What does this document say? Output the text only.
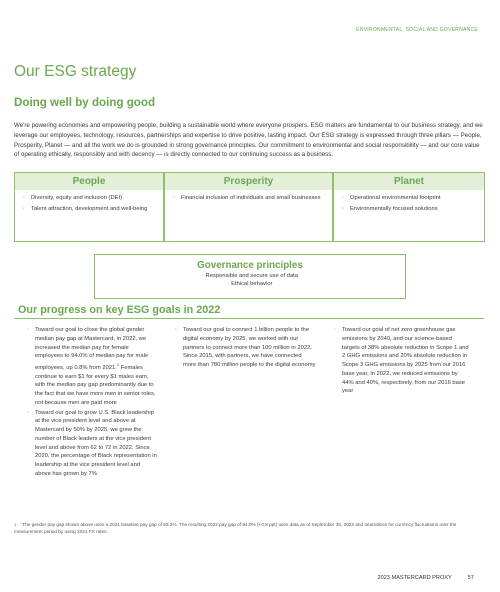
ENVIRONMENTAL, SOCIAL AND GOVERNANCE
Our ESG strategy
Doing well by doing good

We're powering economies and empowering people, building a sustainable world where everyone prospers. ESG matters are fundamental to our business strategy, and we leverage our employees, technology, resources, partnerships and expertise to drive positive, lasting impact. Our ESG strategy is expressed through three pillars — People, Prosperity, Planet — and all the work we do is grounded in strong governance principles. Our commitment to environmental and social responsibility — and our core value of operating ethically, responsibly and with decency — is directly connected to our continuing success as a business.

People
· Diversity, equity and inclusion (DEI)
· Talent attraction, development and well-being
Prosperity
· Financial inclusion of individuals and small businesses
Planet
· Operational environmental footprint
· Environmentally focused solutions
Governance principles
· Responsible and secure use of data
· Ethical behavior
Our progress on key ESG goals in 2022
· Toward our goal to close the global gender median pay gap at Mastercard, in 2022, we increased the median pay for female employees to 94.0% of median pay for male employees, up 0.8% from 2021.$^1$ Females continue to earn $1 for every $1 males earn, with the median pay gap predominantly due to the fact that we have more men in senior roles, not because men are paid more
· Toward our goal to grow U.S. Black leadership at the vice president level and above at Mastercard by 50% by 2025, we grew the number of Black leaders at the vice president level and above from 62 to 72 in 2022. Since 2020, the percentage of Black representation in leadership at the vice president level and above has grown by 7%
· Toward our goal to connect 1 billion people to the digital economy by 2025, we worked with our partners to connect more than 100 million in 2022. Since 2015, with partners, we have connected more than 780 million people to the digital economy
· Toward our goal of net zero greenhouse gas emissions by 2040, and our science-based targets of 38% absolute reduction in Scope 1 and 2 GHG emissions and 20% absolute reduction in Scope 3 GHG emissions by 2025 from our 2016 base year, in 2022, we reduced emissions by 44% and 40%, respectively, from our 2016 base year

$^1$ The gender pay gap shown above uses a 2021 baseline pay gap of 93.2%. The resulting 2022 pay gap of 94.0% (+0.8 ppt) uses data as of September 30, 2022 and neutralizes for currency fluctuations over the measurement period by using 2021 FX rates.

2023 MASTERCARD PROXY	57
